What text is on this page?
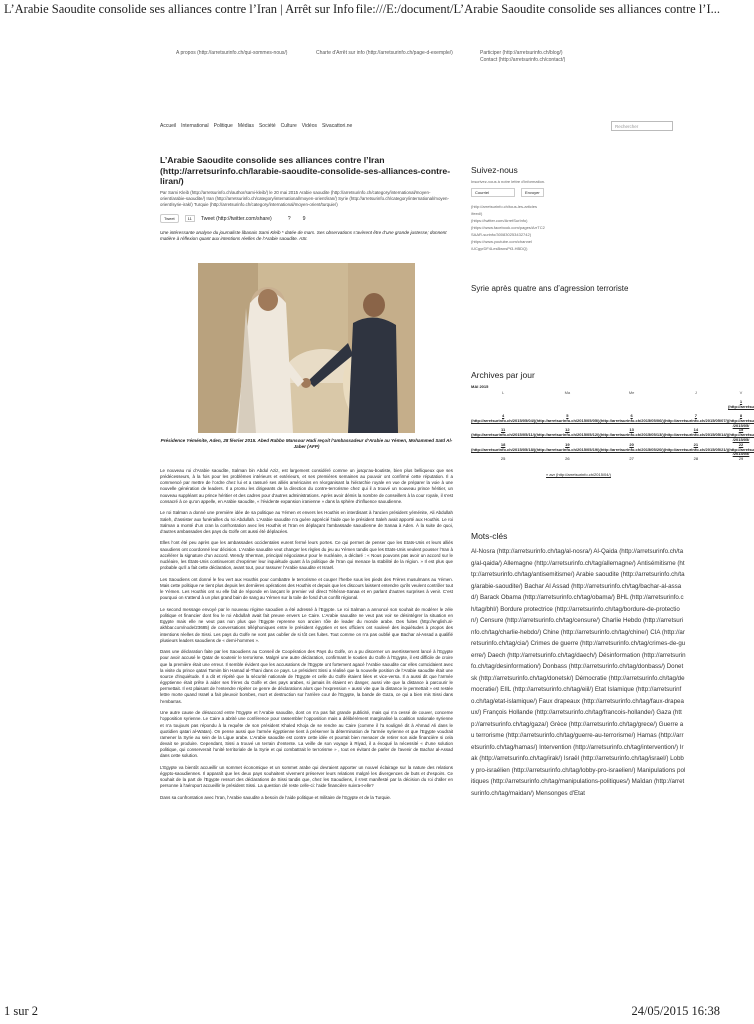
L’Arabie Saoudite consolide ses alliances contre l’Iran | Arrêt sur Info file:///E:/document/L’Arabie Saoudite consolide ses alliances contre l’I...
A propos (http://arretsurinfo.ch/qui-sommes-nous/)	Charte d'Arrêt sur info (http://arretsurinfo.ch/page-d-exemple/)	Participer (http://arretsurinfo.ch/blog/)
Contact (http://arretsurinfo.ch/contact/)
Accueil International Politique Médias Société Culture Vidéos Sivacattori.ne	Rechercher
L’Arabie Saoudite consolide ses alliances contre l’Iran (http://arretsurinfo.ch/larabie-saoudite-consolide-ses-alliances-contre-liran/)
Par Sami Kleib (http://arretsurinfo.ch/author/sami-kleib/) le 20 mai 2015 Arabie saoudite (http://arretsurinfo.ch/category/international/moyen-orient/arabie-saoudite/) Iran (http://arretsurinfo.ch/category/international/moyen-orient/iran/) Syrie (http://arretsurinfo.ch/category/international/moyen-orient/syrie-irak/) Turquie (http://arretsurinfo.ch/category/international/moyen-orient/turquie/)
Tweet	11	Tweet (http://twitter.com/share)	? 9
Une intéressante analyse du journaliste libanais Sami Kleib * datée de mars. Ses observations s’avèrent être d’une grande justesse; donnent matière à réflexion quant aux intentions réelles de l’Arabie saoudite. ASI.
Présidence Yéménite, Aden, 28 février 2015. Abed Rabbo Mansour Hadi reçoit l’ambassadeur d’Arabie au Yémen, Mohammed Saïd Al-Jaber (AFP)

Le nouveau roi d’Arabie saoudite, Salman bin Abdul Aziz, est largement considéré comme un jusqu’au-boutiste, bien plus belliqueux que ses prédécesseurs, à la fois pour les problèmes intérieurs et extérieurs, et ses premières semaines au pouvoir ont confirmé cette réputation. Il a commencé par mettre de l’ordre chez lui et a rassuré ses alliés américains en réorganisant la hiérarchie royale en vue de préparer la voie à une nouvelle génération de leaders. Il a promu les dirigeants de la direction du contre-terrorisme chez qui il a trouvé un nouveau prince héritier, un nouveau suppléant au prince héritier et des cadres pour d’autres administrations. Après avoir démis la nombre de conseillers à la cour royale, il s’est consacré à ce qu’on appelle, en Arabie saoudite, « l’évidente expansion iranienne » dans la sphère d’influence saoudienne.

Le roi Salman a donné une première idée de sa politique au Yémen et envers les Houthis en interdisant à l’ancien président yéménite, Ali Abdullah Saleh, d’assister aux funérailles du roi Abdullah. L’Arabie saoudite n’a guère apprécié l’aide que le président Saleh avait apporté aux Houthis. Le roi Salman a monté d’un cran la confrontation avec les Houthis et l’Iran en déplaçant l’ambassade saoudienne de Sanaa à Aden. À la suite de quoi, d’autres ambassades des pays du Golfe ont aussi été déplacées.

Elles l’ont été peu après que les ambassades occidentales eurent fermé leurs portes. Ce qui permet de penser que les Etats-Unis et leurs alliés saoudiens ont coordonné leur décision. L’Arabie saoudite veut changer les règles du jeu au Yémen tandis que les Etats-Unis veulent pousser l’Iran à accélérer la signature d’un accord. Wendy Sherman, principal négociateur pour le nucléaire, a déclaré : « Nous pouvons pas avoir un accord sur le nucléaire, les États-Unis continueront d’exprimer leur inquiétude quant à la politique de l’Iran qui menace la stabilité de la région. » Il est plus que probable qu’il a fait cette déclaration, avant tout, pour rassurer l’Arabie saoudite et Israël.

Les Saoudiens ont donné le feu vert aux Houthis pour combattre le terrorisme et couper l’herbe sous les pieds des Frères musulmans au Yémen. Mais cette politique ne tient plus depuis les dernières opérations des Houthis et depuis que les discours laissent entendre qu’ils veulent contrôler tout le Yémen. Les Houthis ont vu elle fait de réponde en lançant le premier vol direct Téhéran-Sanaa et en parlant d’autres surprises à venir. C’est pourquoi on s’attend à un plus grand bain de sang au Yémen sur la toile de fond d’un conflit régional.

Le second message envoyé par le nouveau régime saoudien a été adressé à l’Egypte. Le roi Salman a annoncé son souhait de modérer le zèle politique et financier dont feu le roi Abdullah avait fait preuve envers Le Caire. L’Arabie saoudite ne veut pas voir se désintégrer la situation en Egypte mais elle ne veut pas non plus que l’Egypte reprenne son ancien rôle de leader du monde arabe. Des fuites (http://english.al-akhbar.com/node/23685) de conversations téléphoniques entre le président égyptien et ses officiers ont soulevé des inquiétudes à propos des intentions réelles de Sissi. Les pays du Golfe ne vont pas oublier de si tôt ces fuites. Tout comme on n’a pas oublié que Bachar al-Assad a qualifié plusieurs leaders saoudiens de « demi-hommes ».

Dans une déclaration faite par les Saoudiens au Conseil de Coopération des Pays du Golfe, on a pu discerner un avertissement lancé à l’Egypte pour avoir accusé le Qatar de soutenir le terrorisme. Malgré une autre déclaration, confirmant le soutien du Golfe à l’Egypte, il est difficile de croire que la première était une erreur. Il semble évident que les accusations de l’Egypte ont fortement agacé l’Arabie saoudite car elles coïncidaient avec la visite du prince qatari Tamim bin Hamad al-Thani dans ce pays. Le président Sissi a réalisé que la nouvelle position de l’Arabie saoudite était une source d’inquiétude. Il a dit et répété que la sécurité nationale de l’Egypte et celle du Golfe étaient liées et vice-versa. Il a aussi dit que l’armée égyptienne était prête à aider ses frères du Golfe et des pays arabes, si jamais ils étaient en danger, aussi vite que la distance à parcourir le permettait. Il est plaisant de l’entendre répéter ce genre de déclarations alors que l’expression « aussi vite que la distance le permettait » est restée lettre morte quand Israël a fait pleuvoir bombes, mort et destruction sur l’arrière cour de l’Egypte, la bande de Gaza, ce qui a bien mis Sissi dans l’embarras.

Une autre cause de désaccord entre l’Egypte et l’Arabie saoudite, dont on n’a pas fait grande publicité, mais qui n’a cessé de couver, concerne l’opposition syrienne. Le Caire a abrité une conférence pour rassembler l’opposition mais a délibérément marginalisé la coalition nationale syrienne et n’a toujours pas répondu à la requête de son président Khaled Khoja de se rendre au Caire (comme il l’a souligné dit à Ahmad Ali dans le quotidien qatari al-Watan). On pense aussi que l’armée égyptienne tient à préserver la détermination de l’armée syrienne et que l’Egypte voudrait ramener la Syrie au sein de la Ligue arabe. L’Arabie saoudite est contre cette idée et pourrait bien menacer de retirer son aide financière si cela devait se produire. Cependant, Sissi a trouvé un terrain d’entente. La veille de son voyage à Riyad, il a évoqué la nécessité « d’une solution politique, qui conserverait l’unité territoriale de la Syrie et qui combattrait le terrorisme » , tout en évitant de parler de l’avenir de Bachar al-Assad dans cette solution.

L’Egypte va bientôt accueillir un sommet économique et un sommet arabe qui devraient apporter un nouvel éclairage sur la nature des relations égypto-saoudiennes. Il apparaît que les deux pays souhaitent vivement préserver leurs relations malgré les divergences de buts et d’espoirs. Ce souhait de la part de l’Egypte ressort des déclarations de Sissi tandis que, chez les Saoudiens, il s’est manifesté par la décision du roi d’aller en personne à l’aéroport accueillir le président Sissi. La question clé reste celle-ci: l’aide financière suivra-t-elle?

Dans sa confrontation avec l’Iran, l’Arabie saoudite a besoin de l’aide politique et militaire de l’Egypte et de la Turquie.

Suivez-nous
Inscrivez-vous à notre lettre d'information.
Courriel	Envoyer
(http://arretsurinfo.ch/tous-les-articles
/feed/)
(https://twitter.com/ArretSurInfo)
(https://www.facebook.com/pages/ArrTC2
SAAR-surinfo/300830253432742)
(https://www.youtube.com/channel
/UCgyrDF4LesBwnsPt3-HBDQ)
Syrie après quatre ans d’agression terroriste
Archives par jour
MAI 2015
L	Ma	Me	J	V
				1 (http://arretsu
4 (http://arretsurinfo.ch/2015/05/04/)	5 (http://arretsurinfo.ch/2015/05/05/)	6 (http://arretsurinfo.ch/2015/05/06/)	7 (http://arretsurinfo.ch/2015/05/07/)	8 (http://arretsu /2015/05/
11 (http://arretsurinfo.ch/2015/05/11/)	12 (http://arretsurinfo.ch/2015/05/12/)	13 (http://arretsurinfo.ch/2015/05/13/)	14 (http://arretsurinfo.ch/2015/05/14/)	15 (http://arretsu /2015/05/
18 (http://arretsurinfo.ch/2015/05/18/)	19 (http://arretsurinfo.ch/2015/05/19/)	20 (http://arretsurinfo.ch/2015/05/20/)	21 (http://arretsurinfo.ch/2015/05/21/)	22 (http://arretsu /2015/05/
25	26	27	28	29
« avr (http://arretsurinfo.ch/2015/04/)
Mots-clés
Al-Nosra (http://arretsurinfo.ch/tag/al-nosra/) Al-Qaida (http://arretsurinfo.ch/tag/al-qaida/) Allemagne (http://arretsurinfo.ch/tag/allemagne/) Antisémitisme (http://arretsurinfo.ch/tag/antisemitisme/) Arabie saoudite (http://arretsurinfo.ch/tag/arabie-saoudite/) Bachar Al Assad (http://arretsurinfo.ch/tag/bachar-al-assad/) Barack Obama (http://arretsurinfo.ch/tag/obama/) BHL (http://arretsurinfo.ch/tag/bhl/) Bordure protectrice (http://arretsurinfo.ch/tag/bordure-de-protection/) Censure (http://arretsurinfo.ch/tag/censure/) Charlie Hebdo (http://arretsurinfo.ch/tag/charlie-hebdo/) Chine (http://arretsurinfo.ch/tag/chine/) CIA (http://arretsurinfo.ch/tag/cia/) Crimes de guerre (http://arretsurinfo.ch/tag/crimes-de-guerre/) Daech (http://arretsurinfo.ch/tag/daech/) Désinformation (http://arretsurinfo.ch/tag/desinformation/) Donbass (http://arretsurinfo.ch/tag/donbass/) Donetsk (http://arretsurinfo.ch/tag/donetsk/) Démocratie (http://arretsurinfo.ch/tag/democratie/) EIIL (http://arretsurinfo.ch/tag/eiil/) Etat Islamique (http://arretsurinfo.ch/tag/etat-islamique/) Faux drapeaux (http://arretsurinfo.ch/tag/faux-drapeaux/) François Hollande (http://arretsurinfo.ch/tag/francois-hollande/) Gaza (http://arretsurinfo.ch/tag/gaza/) Grèce (http://arretsurinfo.ch/tag/grece/) Guerre au terrorisme (http://arretsurinfo.ch/tag/guerre-au-terrorisme/) Hamas (http://arretsurinfo.ch/tag/hamas/) Intervention (http://arretsurinfo.ch/tag/intervention/) Irak (http://arretsurinfo.ch/tag/irak/) Israël (http://arretsurinfo.ch/tag/israel/) Lobby pro-israélien (http://arretsurinfo.ch/tag/lobby-pro-israelien/) Manipulations politiques (http://arretsurinfo.ch/tag/manipulations-politiques/) Maïdan (http://arretsurinfo.ch/tag/maidan/) Mensonges d'Etat
1 sur 2	24/05/2015 16:38
